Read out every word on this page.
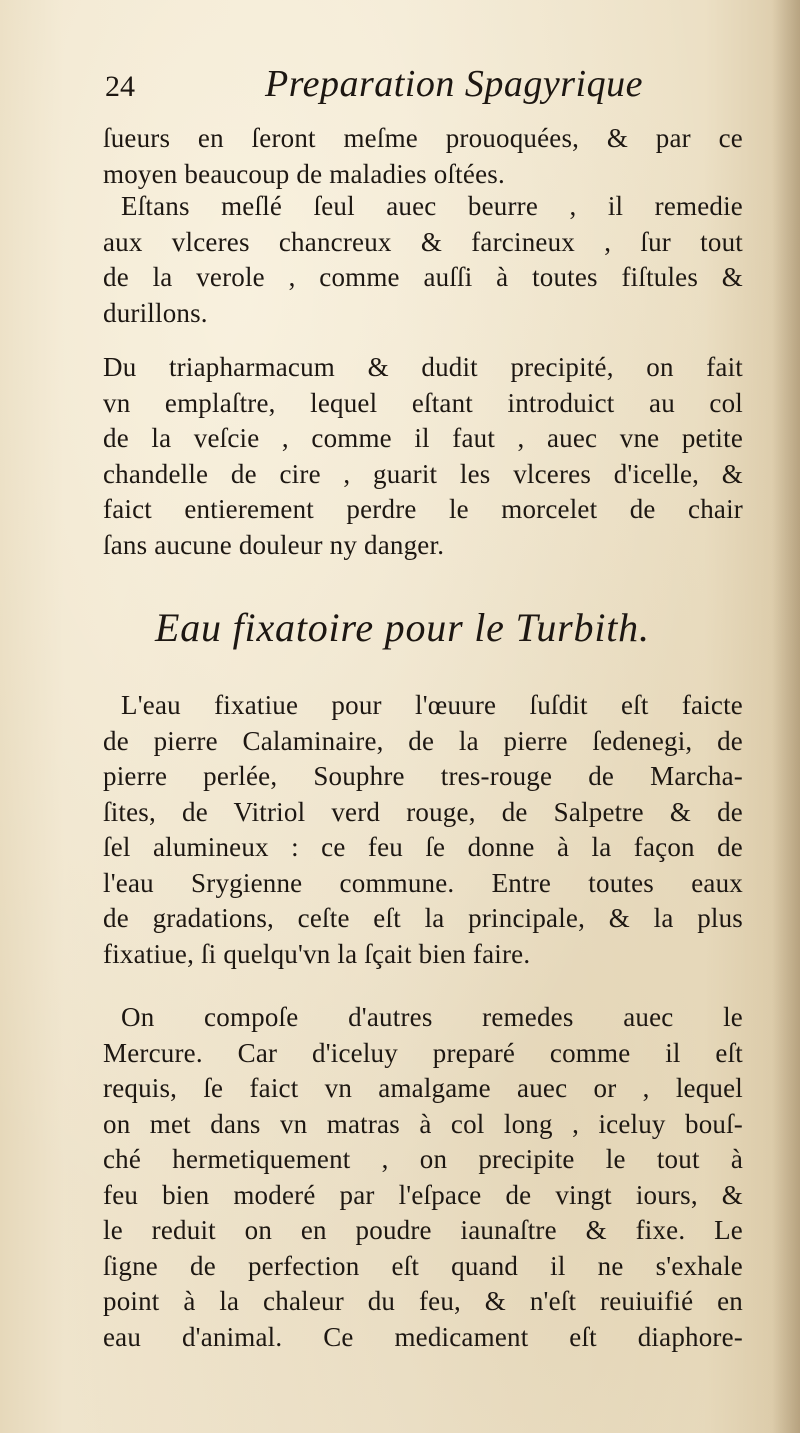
24	Preparation Spagyrique
ſueurs en ſeront meſme prouoquées, & par ce
moyen beaucoup de maladies oſtées.
Eſtans meſlé ſeul auec beurre , il remedie
aux vlceres chancreux & farcineux , ſur tout
de la verole , comme auſſi à toutes fiſtules &
durillons.
Du triapharmacum & dudit precipité, on fait
vn emplaſtre, lequel eſtant introduict au col
de la veſcie , comme il faut , auec vne petite
chandelle de cire , guarit les vlceres d'icelle, &
faict entierement perdre le morcelet de chair
ſans aucune douleur ny danger.
Eau fixatoire pour le Turbith.
L'eau fixatiue pour l'œuure ſuſdit eſt faicte
de pierre Calaminaire, de la pierre ſedenegi, de
pierre perlée, Souphre tres-rouge de Marcha-
ſites, de Vitriol verd rouge, de Salpetre & de
ſel alumineux : ce feu ſe donne à la façon de
l'eau Srygienne commune. Entre toutes eaux
de gradations, ceſte eſt la principale, & la plus
fixatiue, ſi quelqu'vn la ſçait bien faire.
On compoſe d'autres remedes auec le
Mercure. Car d'iceluy preparé comme il eſt
requis, ſe faict vn amalgame auec or , lequel
on met dans vn matras à col long , iceluy bouſ-
ché hermetiquement , on precipite le tout à
feu bien moderé par l'eſpace de vingt iours, &
le reduit on en poudre iaunaſtre & fixe. Le
ſigne de perfection eſt quand il ne s'exhale
point à la chaleur du feu, & n'eſt reuiuifié en
eau d'animal. Ce medicament eſt diaphore-
